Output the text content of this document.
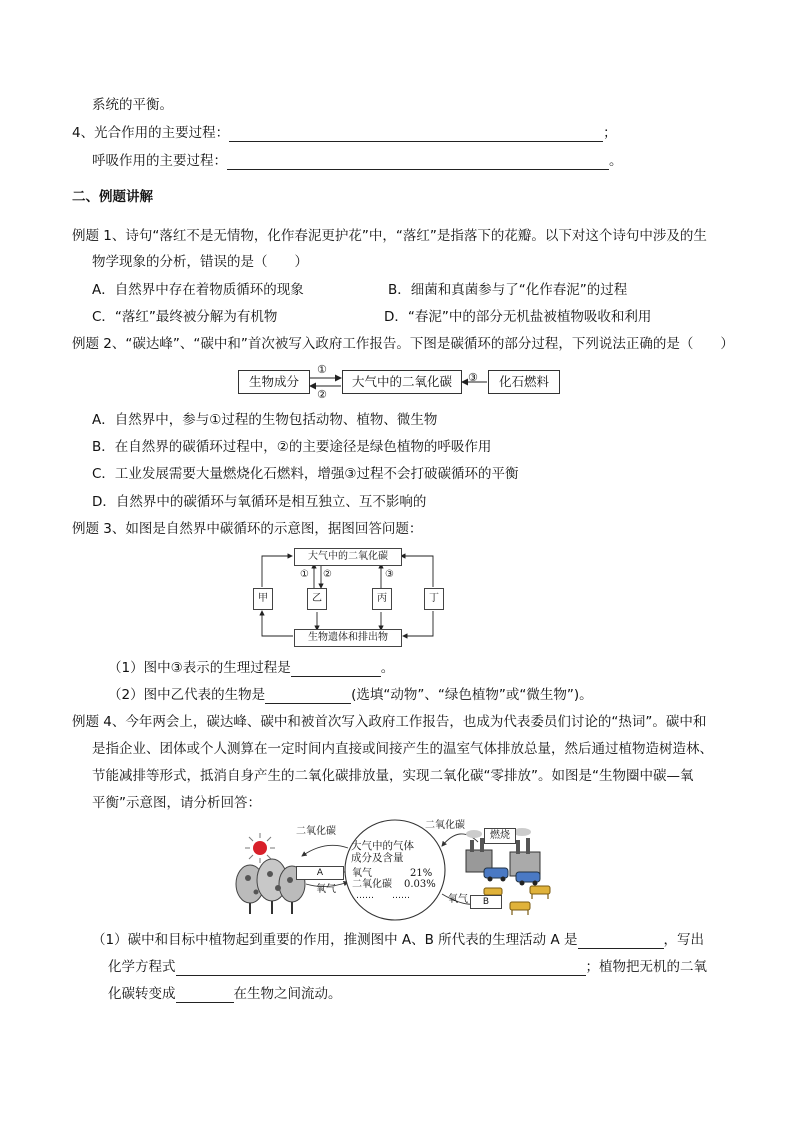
系统的平衡。
4、光合作用的主要过程：	；
呼吸作用的主要过程：	。
二、例题讲解
例题 1、诗句“落红不是无情物，化作春泥更护花”中，“落红”是指落下的花瓣。以下对这个诗句中涉及的生
物学现象的分析，错误的是（　　）
A．自然界中存在着物质循环的现象	B．细菌和真菌参与了“化作春泥”的过程
C．“落红”最终被分解为有机物	D．“春泥”中的部分无机盐被植物吸收和利用
例题 2、“碳达峰”、“碳中和”首次被写入政府工作报告。下图是碳循环的部分过程，下列说法正确的是（　　）
生物成分	大气中的二氧化碳	化石燃料
①
②
③
A．自然界中，参与①过程的生物包括动物、植物、微生物
B．在自然界的碳循环过程中，②的主要途径是绿色植物的呼吸作用
C．工业发展需要大量燃烧化石燃料，增强③过程不会打破碳循环的平衡
D．自然界中的碳循环与氧循环是相互独立、互不影响的
例题 3、如图是自然界中碳循环的示意图，据图回答问题：
大气中的二氧化碳
生物遗体和排出物
甲	乙	丙	丁
① ②	③
（1）图中③表示的生理过程是	。
（2）图中乙代表的生物是	(选填“动物”、“绿色植物”或“微生物”)。
例题 4、今年两会上，碳达峰、碳中和被首次写入政府工作报告，也成为代表委员们讨论的“热词”。碳中和
是指企业、团体或个人测算在一定时间内直接或间接产生的温室气体排放总量，然后通过植物造树造林、
节能减排等形式，抵消自身产生的二氧化碳排放量，实现二氧化碳“零排放”。如图是“生物圈中碳—氧
平衡”示意图，请分析回答：
二氧化碳
二氧化碳
燃烧
A
氧气
氧气	B
大气中的气体
成分及含量
氧气	21%
二氧化碳 0.03%
……　　……
（1）碳中和目标中植物起到重要的作用，推测图中 A、B 所代表的生理活动 A 是	，写出
化学方程式	；植物把无机的二氧
化碳转变成	在生物之间流动。
